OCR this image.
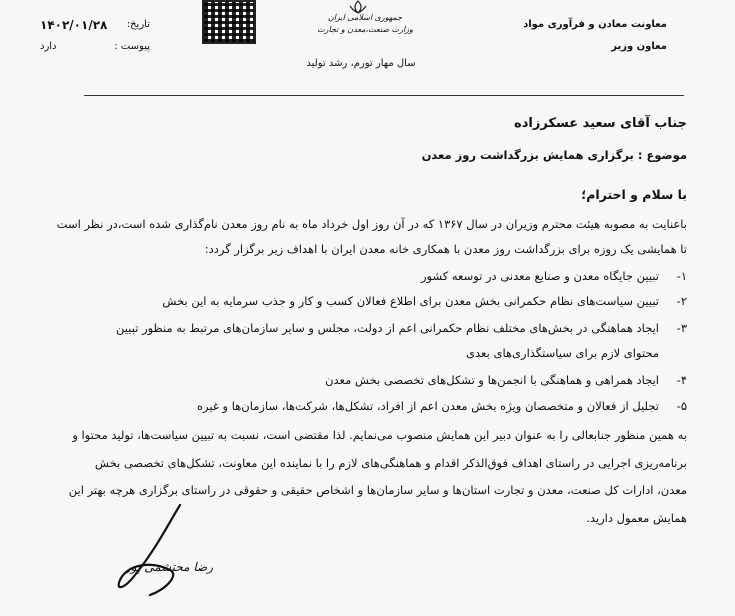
معاونت معادن و فرآوری مواد
معاون وزیر
جمهوری اسلامی ایران
وزارت صنعت،معدن و تجارت
سال مهار تورم، رشد تولید
تاریخ:
۱۴۰۲/۰۱/۲۸
پیوست :
دارد
جناب آقای سعید عسکرزاده
موضوع : برگزاری همایش بزرگداشت روز معدن
با سلام و احترام؛
باعنایت به مصوبه هیئت محترم وزیران در سال ۱۳۶۷ که در آن روز اول خرداد ماه به نام روز معدن نام‌گذاری شده است،در نظر است
تا همایشی یک روزه برای بزرگداشت روز معدن با همکاری خانه معدن ایران با اهداف زیر برگزار گردد:
۱-
تبیین جایگاه معدن و صنایع معدنی در توسعه کشور
۲-
تبیین سیاست‌های نظام حکمرانی بخش معدن برای اطلاع فعالان کسب و کار و جذب سرمایه به این بخش
۳-
ایجاد هماهنگی در بخش‌های مختلف نظام حکمرانی اعم از دولت، مجلس و سایر سازمان‌های مرتبط به منظور تبیین
محتوای لازم برای سیاستگذاری‌های بعدی
۴-
ایجاد همراهی و هماهنگی با انجمن‌ها و تشکل‌های تخصصی بخش معدن
۵-
تجلیل از فعالان و متخصصان ویژه بخش معدن اعم از افراد، تشکل‌ها، شرکت‌ها، سازمان‌ها و غیره
به همین منظور جنابعالی را به عنوان دبیر این همایش منصوب می‌نمایم. لذا مقتضی است، نسبت به تبیین سیاست‌ها، تولید محتوا و
برنامه‌ریزی اجرایی در راستای اهداف فوق‌الذکر اقدام و هماهنگی‌های لازم را با نماینده این معاونت، تشکل‌های تخصصی بخش
معدن، ادارات کل صنعت، معدن و تجارت استان‌ها و سایر سازمان‌ها و اشخاص حقیقی و حقوقی در راستای برگزاری هرچه بهتر این
همایش معمول دارید.
رضا محتشمی پور
